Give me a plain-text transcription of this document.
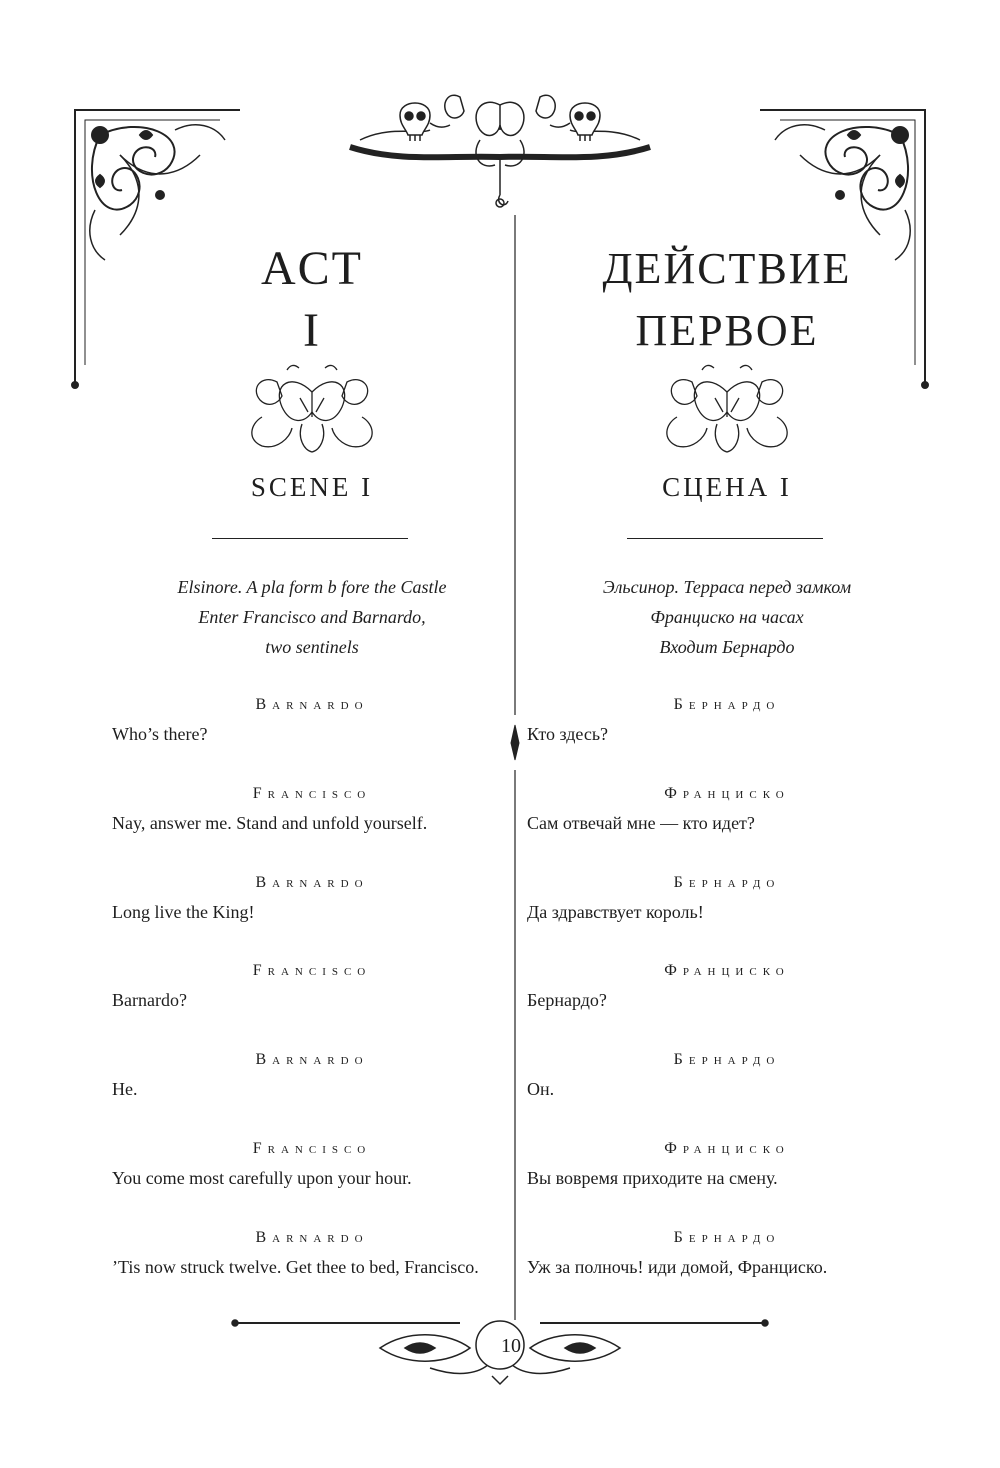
10
ACT
I
SCENE I
Elsinore. A pla form b fore the Castle
Enter Francisco and Barnardo,
two sentinels
Barnardo
Who’s there?
Francisco
Nay, answer me. Stand and unfold yourself.
Barnardo
Long live the King!
Francisco
Barnardo?
Barnardo
He.
Francisco
You come most carefully upon your hour.
Barnardo
’Tis now struck twelve. Get thee to bed, Francisco.
ДЕЙСТВИЕ
ПЕРВОЕ
СЦЕНА I
Эльсинор. Терраса перед замком
Франциско на часах
Входит Бернардо
Бернардо
Кто здесь?
Франциско
Сам отвечай мне — кто идет?
Бернардо
Да здравствует король!
Франциско
Бернардо?
Бернардо
Он.
Франциско
Вы вовремя приходите на смену.
Бернардо
Уж за полночь! иди домой, Франциско.
